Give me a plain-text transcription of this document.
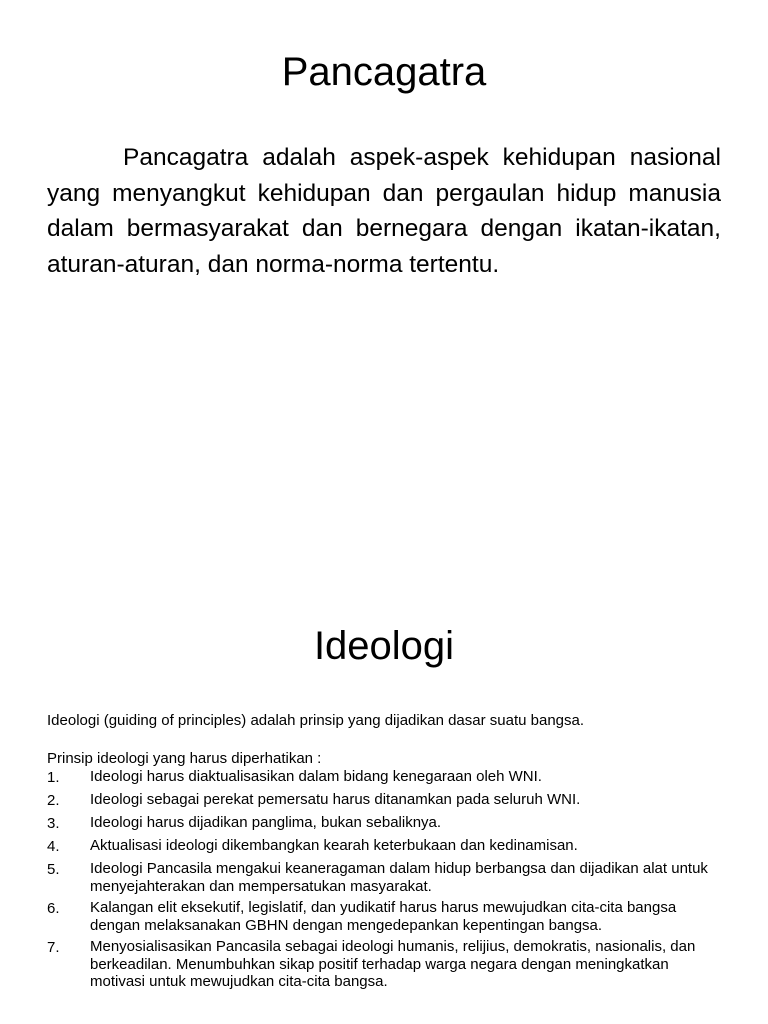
Pancagatra

Pancagatra adalah aspek-aspek kehidupan nasional yang menyangkut kehidupan dan pergaulan hidup manusia dalam bermasyarakat dan bernegara dengan ikatan-ikatan, aturan-aturan, dan norma-norma tertentu.

Ideologi

Ideologi (guiding of principles) adalah prinsip yang dijadikan dasar suatu bangsa.

Prinsip ideologi yang harus diperhatikan :

1.	Ideologi harus diaktualisasikan dalam bidang kenegaraan oleh WNI.
2.	Ideologi sebagai perekat pemersatu harus ditanamkan pada seluruh WNI.
3.	Ideologi harus dijadikan panglima, bukan sebaliknya.
4.	Aktualisasi ideologi dikembangkan kearah keterbukaan dan kedinamisan.
5.	Ideologi Pancasila mengakui keaneragaman dalam hidup berbangsa dan dijadikan alat untuk menyejahterakan dan mempersatukan masyarakat.
6.	Kalangan elit eksekutif, legislatif, dan yudikatif harus harus mewujudkan cita-cita bangsa dengan melaksanakan GBHN dengan mengedepankan kepentingan bangsa.
7.	Menyosialisasikan Pancasila sebagai ideologi humanis, relijius, demokratis, nasionalis, dan berkeadilan. Menumbuhkan sikap positif terhadap warga negara dengan meningkatkan motivasi untuk mewujudkan cita-cita bangsa.
